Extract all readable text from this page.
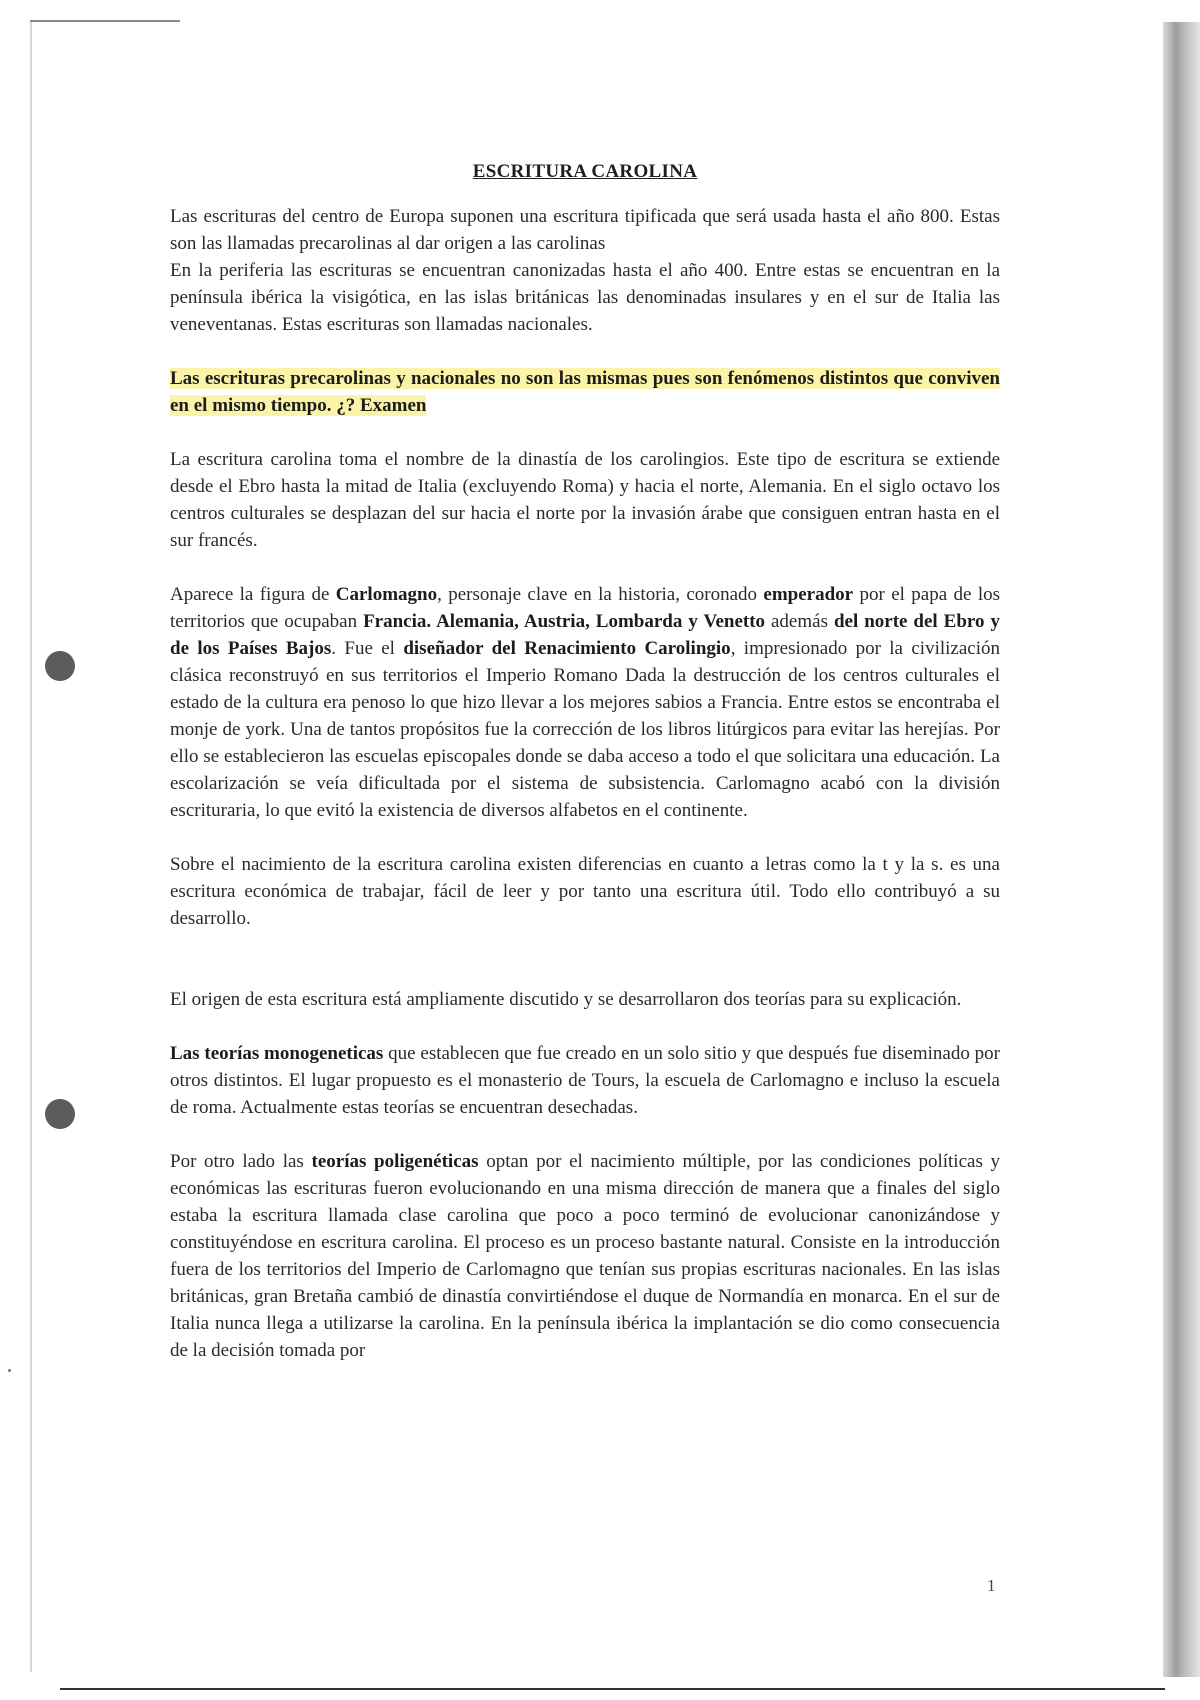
ESCRITURA CAROLINA

Las escrituras del centro de Europa suponen una escritura tipificada que será usada hasta el año 800. Estas son las llamadas precarolinas al dar origen a las carolinas

En la periferia las escrituras se encuentran canonizadas hasta el año 400. Entre estas se encuentran en la península ibérica la visigótica, en las islas británicas las denominadas insulares y en el sur de Italia las veneventanas. Estas escrituras son llamadas nacionales.

Las escrituras precarolinas y nacionales no son las mismas pues son fenómenos distintos que conviven en el mismo tiempo. ¿? Examen

La escritura carolina toma el nombre de la dinastía de los carolingios. Este tipo de escritura se extiende desde el Ebro hasta la mitad de Italia (excluyendo Roma) y hacia el norte, Alemania. En el siglo octavo los centros culturales se desplazan del sur hacia el norte por la invasión árabe que consiguen entran hasta en el sur francés.

Aparece la figura de Carlomagno, personaje clave en la historia, coronado emperador por el papa de los territorios que ocupaban Francia. Alemania, Austria, Lombarda y Venetto además del norte del Ebro y de los Países Bajos. Fue el diseñador del Renacimiento Carolingio, impresionado por la civilización clásica reconstruyó en sus territorios el Imperio Romano Dada la destrucción de los centros culturales el estado de la cultura era penoso lo que hizo llevar a los mejores sabios a Francia. Entre estos se encontraba el monje de york. Una de tantos propósitos fue la corrección de los libros litúrgicos para evitar las herejías. Por ello se establecieron las escuelas episcopales donde se daba acceso a todo el que solicitara una educación. La escolarización se veía dificultada por el sistema de subsistencia. Carlomagno acabó con la división escrituraria, lo que evitó la existencia de diversos alfabetos en el continente.

Sobre el nacimiento de la escritura carolina existen diferencias en cuanto a letras como la t y la s. es una escritura económica de trabajar, fácil de leer y por tanto una escritura útil. Todo ello contribuyó a su desarrollo.

El origen de esta escritura está ampliamente discutido y se desarrollaron dos teorías para su explicación.

Las teorías monogeneticas que establecen que fue creado en un solo sitio y que después fue diseminado por otros distintos. El lugar propuesto es el monasterio de Tours, la escuela de Carlomagno e incluso la escuela de roma. Actualmente estas teorías se encuentran desechadas.

Por otro lado las teorías poligenéticas optan por el nacimiento múltiple, por las condiciones políticas y económicas las escrituras fueron evolucionando en una misma dirección de manera que a finales del siglo estaba la escritura llamada clase carolina que poco a poco terminó de evolucionar canonizándose y constituyéndose en escritura carolina. El proceso es un proceso bastante natural. Consiste en la introducción fuera de los territorios del Imperio de Carlomagno que tenían sus propias escrituras nacionales. En las islas británicas, gran Bretaña cambió de dinastía convirtiéndose el duque de Normandía en monarca. En el sur de Italia nunca llega a utilizarse la carolina. En la península ibérica la implantación se dio como consecuencia de la decisión tomada por

1
